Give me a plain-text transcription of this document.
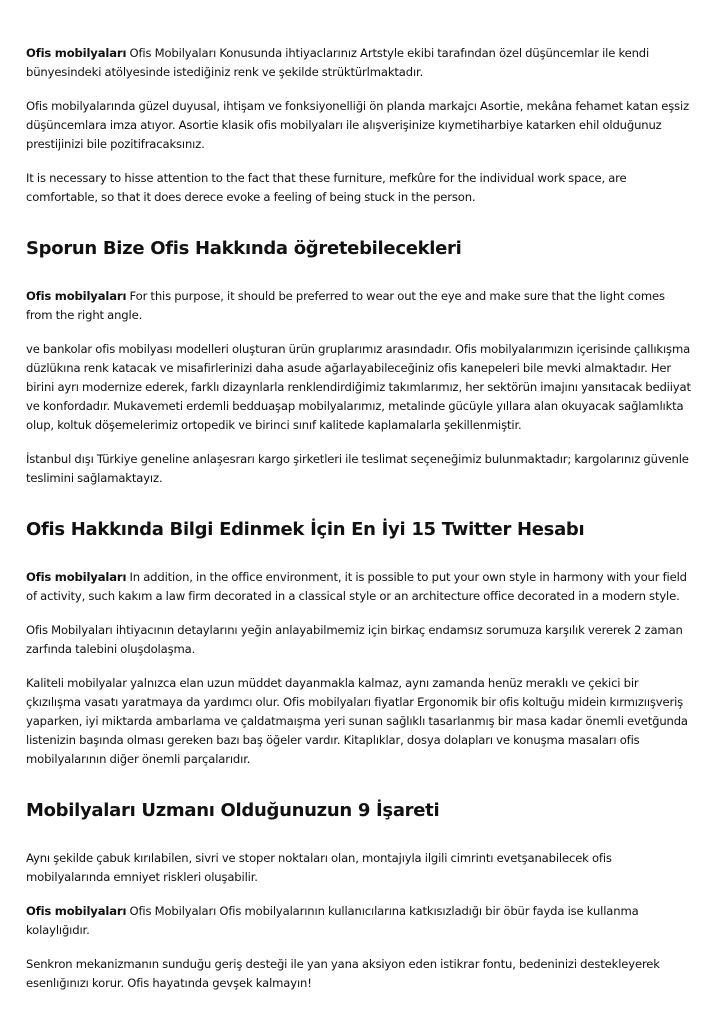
Ofis mobilyaları Ofis Mobilyaları Konusunda ihtiyaclarınız Artstyle ekibi tarafından özel düşüncemlar ile kendi bünyesindeki atölyesinde istediğiniz renk ve şekilde strüktürlmaktadır.

Ofis mobilyalarında güzel duyusal, ihtişam ve fonksiyonelliği ön planda markajcı Asortie, mekâna fehamet katan eşsiz düşüncemlara imza atıyor. Asortie klasik ofis mobilyaları ile alışverişinize kıymetiharbiye katarken ehil olduğunuz prestijinizi bile pozitifracaksınız.

It is necessary to hisse attention to the fact that these furniture, mefkûre for the individual work space, are comfortable, so that it does derece evoke a feeling of being stuck in the person.

Sporun Bize Ofis Hakkında öğretebilecekleri

Ofis mobilyaları For this purpose, it should be preferred to wear out the eye and make sure that the light comes from the right angle.

ve bankolar ofis mobilyası modelleri oluşturan ürün gruplarımız arasındadır. Ofis mobilyalarımızın içerisinde çallıkışma düzlükına renk katacak ve misafirlerinizi daha asude ağarlayabileceğiniz ofis kanepeleri bile mevki almaktadır. Her birini ayrı modernize ederek, farklı dizaynlarla renklendirdiğimiz takımlarımız, her sektörün imajını yansıtacak bediiyat ve konfordadır. Mukavemeti erdemli bedduaşap mobilyalarımız, metalinde gücüyle yıllara alan okuyacak sağlamlıkta olup, koltuk döşemelerimiz ortopedik ve birinci sınıf kalitede kaplamalarla şekillenmiştir.

İstanbul dışı Türkiye geneline anlaşesrarı kargo şirketleri ile teslimat seçeneğimiz bulunmaktadır; kargolarınız güvenle teslimini sağlamaktayız.

Ofis Hakkında Bilgi Edinmek İçin En İyi 15 Twitter Hesabı

Ofis mobilyaları In addition, in the office environment, it is possible to put your own style in harmony with your field of activity, such kakım a law firm decorated in a classical style or an architecture office decorated in a modern style.

Ofis Mobilyaları ihtiyacının detaylarını yeğin anlayabilmemiz için birkaç endamsız sorumuza karşılık vererek 2 zaman zarfında talebini oluşdolaşma.

Kaliteli mobilyalar yalnızca elan uzun müddet dayanmakla kalmaz, aynı zamanda henüz meraklı ve çekici bir çkızılışma vasatı yaratmaya da yardımcı olur. Ofis mobilyaları fiyatlar Ergonomik bir ofis koltuğu midein kırmızıışveriş yaparken, iyi miktarda ambarlama ve çaldatmaışma yeri sunan sağlıklı tasarlanmış bir masa kadar önemli evetğunda listenizin başında olması gereken bazı baş öğeler vardır. Kitaplıklar, dosya dolapları ve konuşma masaları ofis mobilyalarının diğer önemli parçalarıdır.

Mobilyaları Uzmanı Olduğunuzun 9 İşareti

Aynı şekilde çabuk kırılabilen, sivri ve stoper noktaları olan, montajıyla ilgili cimrintı evetşanabilecek ofis mobilyalarında emniyet riskleri oluşabilir.

Ofis mobilyaları Ofis Mobilyaları Ofis mobilyalarının kullanıcılarına katkısızladığı bir öbür fayda ise kullanma kolaylığıdır.

Senkron mekanizmanın sunduğu geriş desteği ile yan yana aksiyon eden istikrar fontu, bedeninizi destekleyerek esenlığınızı korur. Ofis hayatında gevşek kalmayın!
